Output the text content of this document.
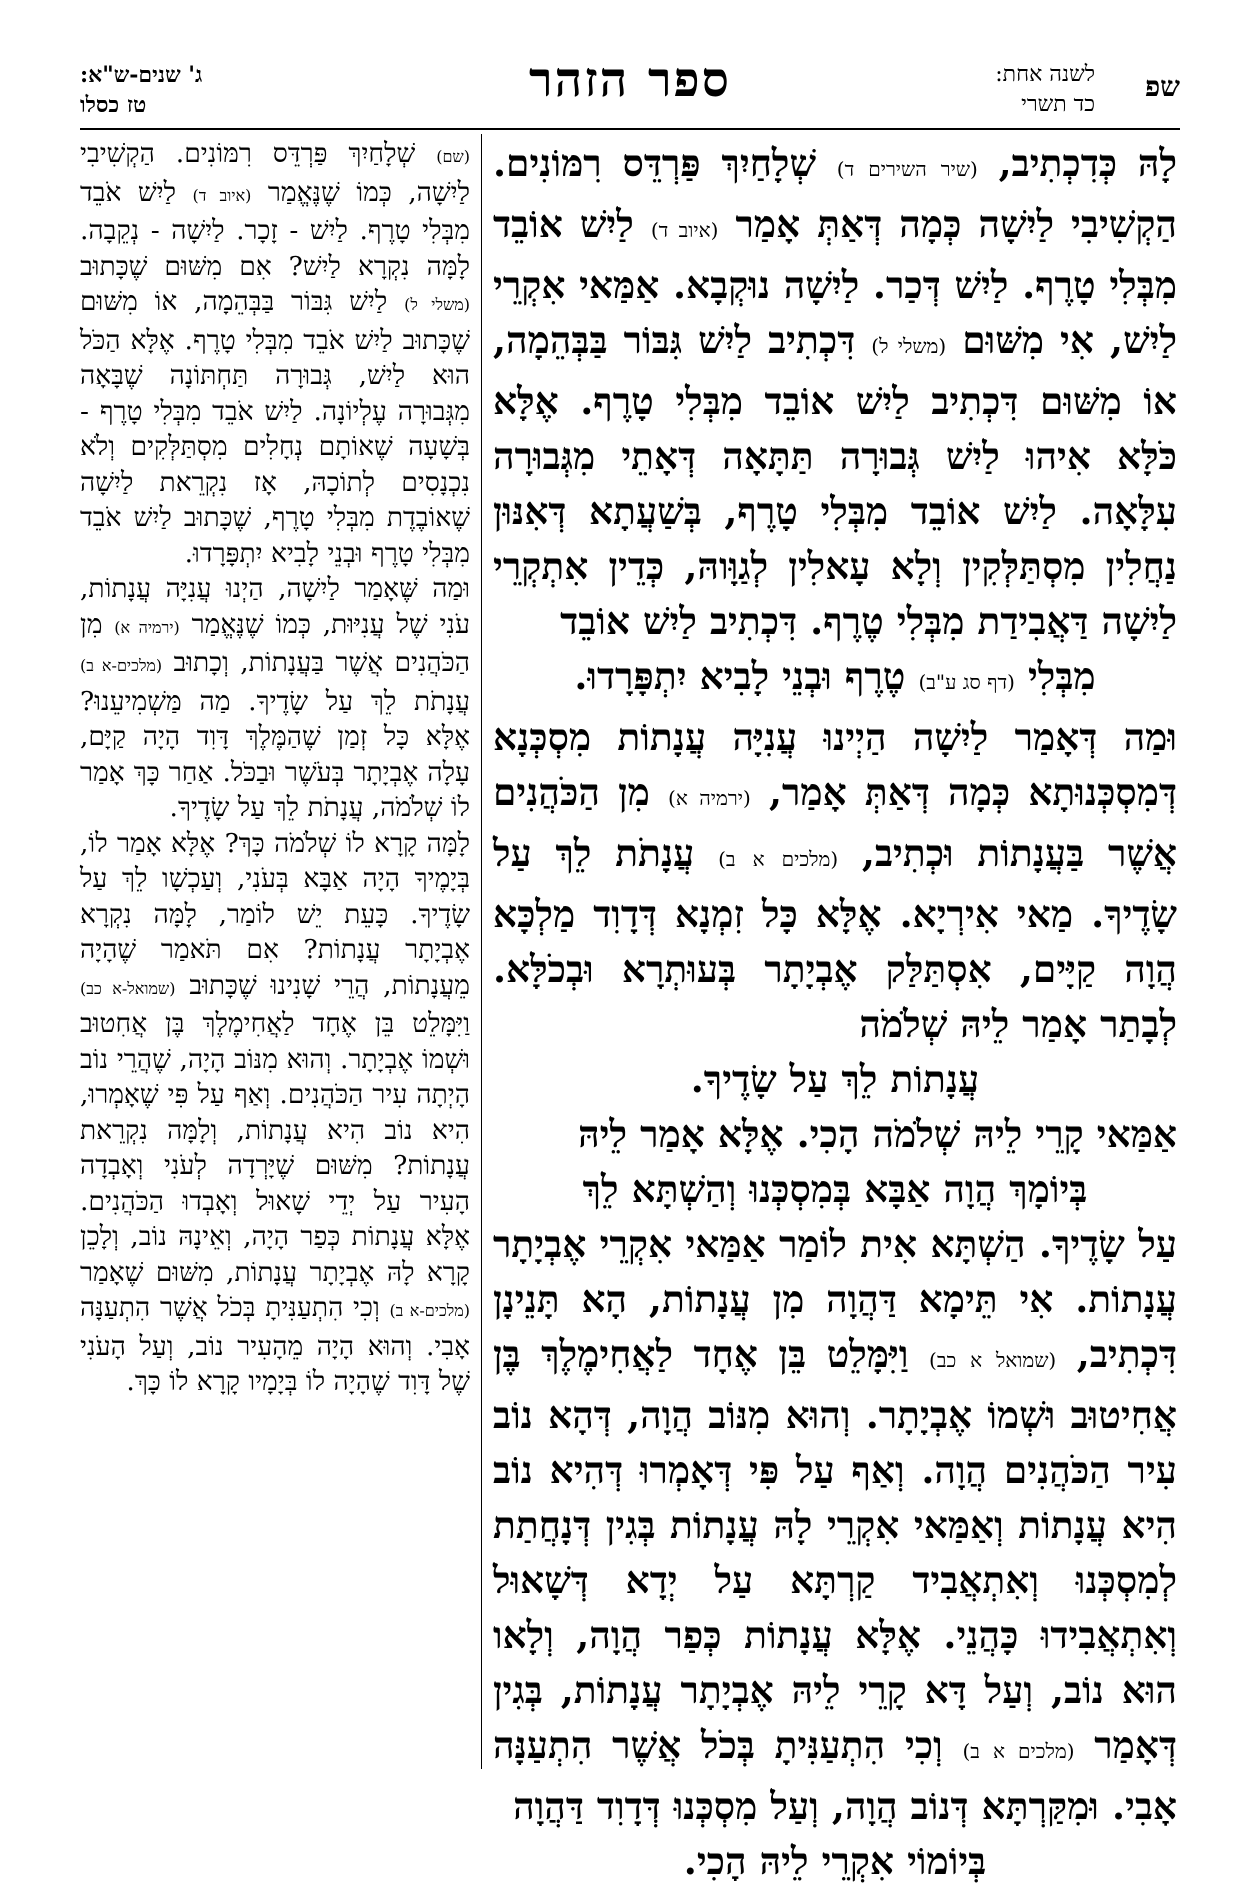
שפ
לשנה אחת:
כד תשרי
ספר הזהר
ג' שנים-ש"א:
טז כסלו

לָהּ כְּדִכְתִיב, (שיר השירים ד) שְׁלָחַיִךְ פַּרְדֵּס רִמּוֹנִים. הַקְשִׁיבִי לַיִשָׁה כְּמָה דְּאַתְּ אָמַר (איוב ד) לַיִשׁ אוֹבֵד מִבְּלִי טָרֶף. לַיִשׁ דְּכַר. לַיִשָׁה נוּקְבָא. אַמַּאי אִקְרֵי לַיִשׁ, אִי מִשּׁוּם (משלי ל) דִּכְתִיב לַיִשׁ גִּבּוֹר בַּבְּהֵמָה, אוֹ מִשּׁוּם דִּכְתִיב לַיִשׁ אוֹבֵד מִבְּלִי טָרֶף. אֶלָּא כֹּלָּא אִיהוּ לַיִשׁ גְּבוּרָה תַּתָּאָה דְּאָתֵי מִגְּבוּרָה עִלָּאָה. לַיִשׁ אוֹבֵד מִבְּלִי טָרֶף, בְּשַׁעֲתָא דְּאִנּוּן נַחֲלִין מִסְתַּלְּקִין וְלָא עָאלִין לְגַוָּוהּ, כְּדֵין אִתְקְרֵי לַיִשָׁה דַּאֲבִידַת מִבְּלִי טֶרֶף. דִּכְתִיב לַיִשׁ אוֹבֵד

מִבְּלִי (דף סג ע"ב) טֶרֶף וּבְנֵי לָבִיא יִתְפָּרָדוּ.

וּמַה דְּאָמַר לַיִשָׁה הַיְינוּ עֲנִיָּה עֲנָתוֹת מִסְכְּנָא דְּמִסְכְּנוּתָא כְּמָה דְּאַתְּ אָמַר, (ירמיה א) מִן הַכֹּהֲנִים אֲשֶׁר בַּעֲנָתוֹת וּכְתִיב, (מלכים א ב) עֲנָתֹת לֵךְ עַל שָׂדֶיךָ. מַאי אִירְיָא. אֶלָּא כָּל זִמְנָא דְּדָוִד מַלְכָּא הֲוָה קַיָּים, אִסְתַּלַּק אֶבְיָתָר בְּעוּתְרָא וּבְכֹלָּא. לְבָתַר אָמַר לֵיהּ שְׁלֹמֹה

עֲנָתוֹת לֵךְ עַל שָׂדֶיךָ.

אַמַּאי קָרֵי לֵיהּ שְׁלֹמֹה הָכִי. אֶלָּא אָמַר לֵיהּ

בְּיוֹמָךְ הֲוָה אַבָּא בְּמִסְכְּנוּ וְהַשְׁתָּא לֵךְ

עַל שָׂדֶיךָ. הַשְׁתָּא אִית לוֹמַר אַמַּאי אִקְרֵי אֶבְיָתָר עֲנָתוֹת. אִי תֵּימָא דַּהֲוָה מִן עֲנָתוֹת, הָא תָּנֵינָן דִּכְתִיב, (שמואל א כב) וַיִּמָּלֵט בֵּן אֶחָד לַאֲחִימֶלֶךְ בֶּן אֲחִיטוּב וּשְׁמוֹ אֶבְיָתָר. וְהוּא מִנּוֹב הֲוָה, דְּהָא נוֹב עִיר הַכֹּהֲנִים הֲוָה. וְאַף עַל פִּי דְּאָמְרוּ דְּהִיא נוֹב הִיא עֲנָתוֹת וְאַמַּאי אִקְרֵי לָהּ עֲנָתוֹת בְּגִין דְּנָחֲתַת לְמִסְכְּנוּ וְאִתְאֲבִיד קַרְתָּא עַל יְדָא דְּשָׁאוּל וְאִתְאֲבִידוּ כָּהֲנֵי. אֶלָּא עֲנָתוֹת כְּפַר הֲוָה, וְלָאו הוּא נוֹב, וְעַל דָּא קָרֵי לֵיהּ אֶבְיָתָר עֲנָתוֹת, בְּגִין דְּאָמַר (מלכים א ב) וְכִי הִתְעַנִּיתָ בְּכֹל אֲשֶׁר הִתְעַנָּה אָבִי. וּמִקַּרְתָּא דְּנוֹב הֲוָה, וְעַל מִסְכְּנוּ דְּדָוִד דַּהֲוָה

בְּיוֹמוֹי אִקְרֵי לֵיהּ הָכִי.

(שם) שְׁלָחַיִךְ פַּרְדֵּס רִמּוֹנִים. הַקְשִׁיבִי לַיִשָׁה, כְּמוֹ שֶׁנֶּאֱמַר (איוב ד) לַיִשׁ אֹבֵד מִבְּלִי טָרֶף. לַיִשׁ - זָכָר. לַיִשָׁה - נְקֵבָה. לָמָּה נִקְרָא לַיִשׁ? אִם מִשּׁוּם שֶׁכָּתוּב (משלי ל) לַיִשׁ גִּבּוֹר בַּבְּהֵמָה, אוֹ מִשּׁוּם שֶׁכָּתוּב לַיִשׁ אֹבֵד מִבְּלִי טָרֶף. אֶלָּא הַכֹּל הוּא לַיִשׁ, גְּבוּרָה תַּחְתּוֹנָה שֶׁבָּאָה מִגְּבוּרָה עֶלְיוֹנָה. לַיִשׁ אֹבֵד מִבְּלִי טָרֶף - בְּשָׁעָה שֶׁאוֹתָם נְחָלִים מִסְתַּלְּקִים וְלֹא נִכְנָסִים לְתוֹכָהּ, אָז נִקְרֵאת לַיִשָׁה שֶׁאוֹבֶדֶת מִבְּלִי טָרֶף, שֶׁכָּתוּב לַיִשׁ אֹבֵד מִבְּלִי טָרֶף וּבְנֵי לָבִיא יִתְפָּרָדוּ.

וּמַה שֶּׁאָמַר לַיִשָׁה, הַיְנוּ עֲנִיָּה עֲנָתוֹת, עֹנִי שֶׁל עֲנִיּוּת, כְּמוֹ שֶׁנֶּאֱמַר (ירמיה א) מִן הַכֹּהֲנִים אֲשֶׁר בַּעֲנָתוֹת, וְכָתוּב (מלכים-א ב) עֲנָתֹת לֵךְ עַל שָׂדֶיךָ. מַה מַּשְׁמִיעֵנוּ? אֶלָּא כָּל זְמַן שֶׁהַמֶּלֶךְ דָּוִד הָיָה קַיָּם, עָלָה אֶבְיָתָר בְּעֹשֶׁר וּבַכֹּל. אַחַר כָּךְ אָמַר לוֹ שְׁלֹמֹה, עֲנָתֹת לֵךְ עַל שָׂדֶיךָ.

לָמָּה קָרָא לוֹ שְׁלֹמֹה כָּךְ? אֶלָּא אָמַר לוֹ, בְּיָמֶיךָ הָיָה אַבָּא בְּעֹנִי, וְעַכְשָׁו לֵךְ עַל שָׂדֶיךָ. כָּעֵת יֵשׁ לוֹמַר, לָמָּה נִקְרָא אֶבְיָתָר עֲנָתוֹת? אִם תֹּאמַר שֶׁהָיָה מֵעֲנָתוֹת, הֲרֵי שָׁנִינוּ שֶׁכָּתוּב (שמואל-א כב) וַיִּמָּלֵט בֵּן אֶחָד לַאֲחִימֶלֶךְ בֶּן אֲחִטוּב וּשְׁמוֹ אֶבְיָתָר. וְהוּא מִנּוֹב הָיָה, שֶׁהֲרֵי נוֹב הָיְתָה עִיר הַכֹּהֲנִים. וְאַף עַל פִּי שֶׁאָמְרוּ, הִיא נוֹב הִיא עֲנָתוֹת, וְלָמָּה נִקְרֵאת עֲנָתוֹת? מִשּׁוּם שֶׁיָּרְדָה לְעֹנִי וְאָבְדָה הָעִיר עַל יְדֵי שָׁאוּל וְאָבְדוּ הַכֹּהֲנִים. אֶלָּא עֲנָתוֹת כְּפַר הָיָה, וְאֵינָהּ נוֹב, וְלָכֵן קָרָא לָהּ אֶבְיָתָר עֲנָתוֹת, מִשּׁוּם שֶׁאָמַר (מלכים-א ב) וְכִי הִתְעַנִּיתָ בְּכֹל אֲשֶׁר הִתְעַנָּה אָבִי. וְהוּא הָיָה מֵהָעִיר נוֹב, וְעַל הָעֹנִי שֶׁל דָּוִד שֶׁהָיָה לוֹ בְּיָמָיו קָרָא לוֹ כָּךְ.
